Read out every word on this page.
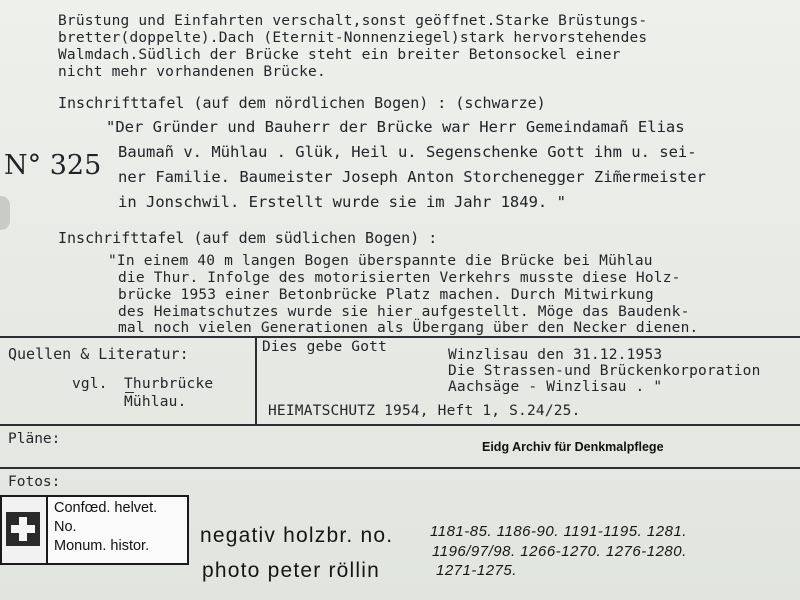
Brüstung und Einfahrten verschalt,sonst geöffnet.Starke Brüstungs-
bretter(doppelte).Dach (Eternit-Nonnenziegel)stark hervorstehendes
Walmdach.Südlich der Brücke steht ein breiter Betonsockel einer
nicht mehr vorhandenen Brücke.
Inschrifttafel (auf dem nördlichen Bogen) : (schwarze)
"Der Gründer und Bauherr der Brücke war Herr Gemeindamañ Elias
Baumañ v. Mühlau . Glük, Heil u. Segenschenke Gott ihm u. sei-
ner Familie. Baumeister Joseph Anton Storchenegger Zim̃ermeister
in Jonschwil. Erstellt wurde sie im Jahr 1849. "
N° 325
Inschrifttafel (auf dem südlichen Bogen) :
"In einem 40 m langen Bogen überspannte die Brücke bei Mühlau
die Thur. Infolge des motorisierten Verkehrs musste diese Holz-
brücke 1953 einer Betonbrücke Platz machen. Durch Mitwirkung
des Heimatschutzes wurde sie hier aufgestellt. Möge das Baudenk-
mal noch vielen Generationen als Übergang über den Necker dienen.
Quellen & Literatur:
vgl. Thurbrücke
Mühlau.
Dies gebe Gott	Winzlisau den 31.12.1953
Die Strassen-und Brückenkorporation
Aachsäge - Winzlisau . "
HEIMATSCHUTZ 1954, Heft 1, S.24/25.
Pläne:	Eidg Archiv für Denkmalpflege
Fotos:
Confœd. helvet.
No.
Monum. histor. negativ holzbr. no. 1181-85. 1186-90. 1191-1195. 1281.
1196/97/98. 1266-1270. 1276-1280.
photo peter röllin	1271-1275.
